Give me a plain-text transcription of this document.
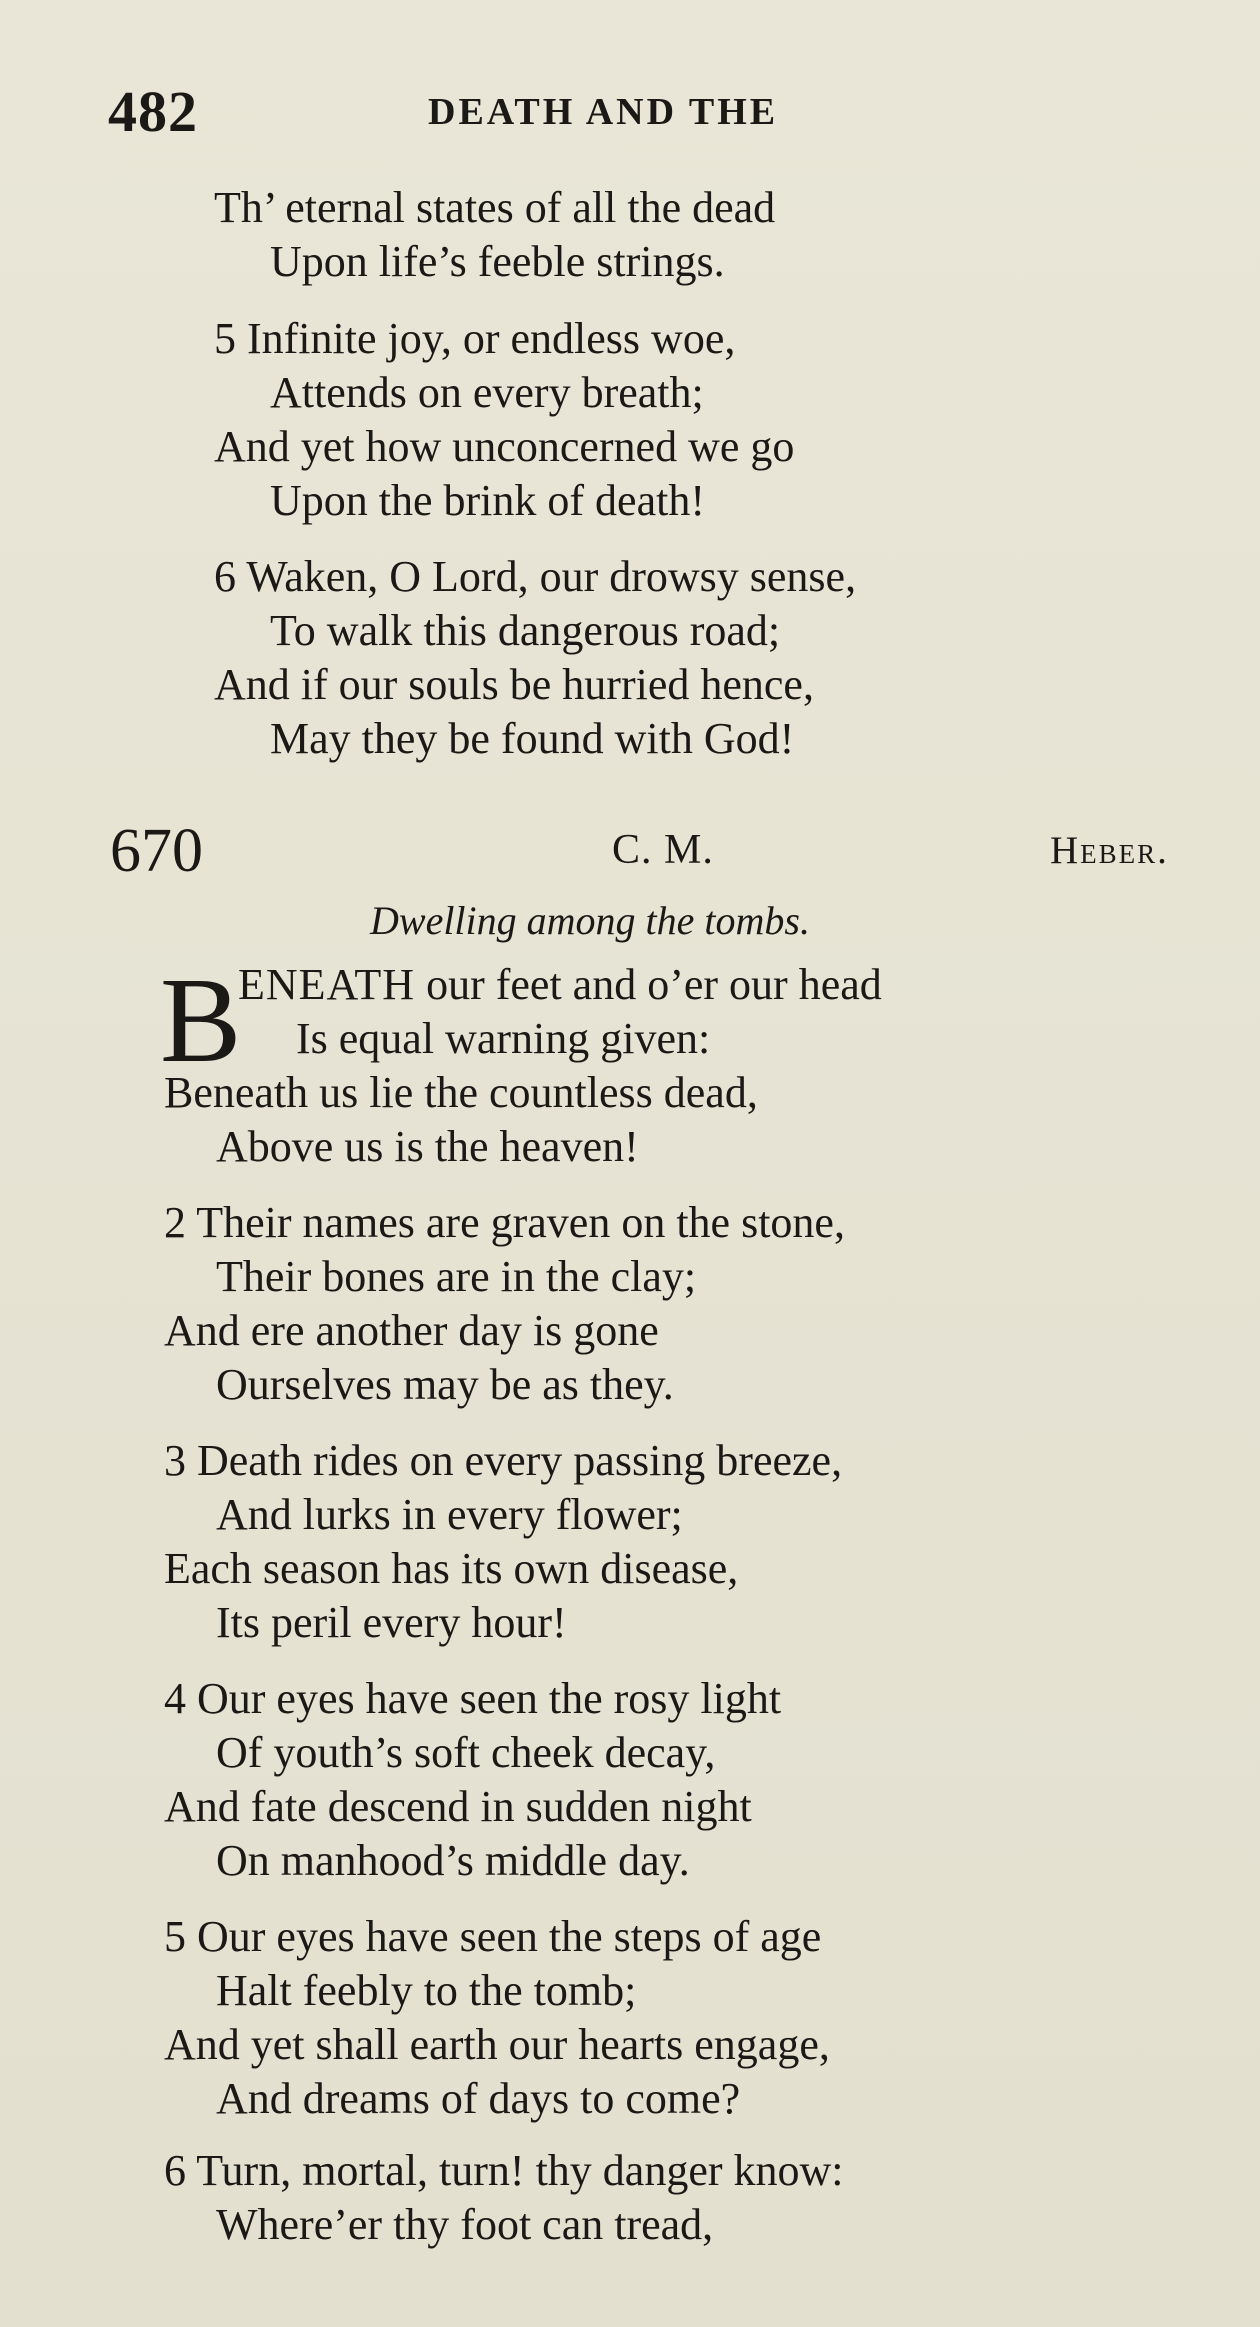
482	DEATH AND THE
Th’ eternal states of all the dead
Upon life’s feeble strings.
5 Infinite joy, or endless woe,
Attends on every breath;
And yet how unconcerned we go
Upon the brink of death!
6 Waken, O Lord, our drowsy sense,
To walk this dangerous road;
And if our souls be hurried hence,
May they be found with God!
670	C. M.	Heber.
Dwelling among the tombs.
B
ENEATH our feet and o’er our head
Is equal warning given:
Beneath us lie the countless dead,
Above us is the heaven!
2 Their names are graven on the stone,
Their bones are in the clay;
And ere another day is gone
Ourselves may be as they.
3 Death rides on every passing breeze,
And lurks in every flower;
Each season has its own disease,
Its peril every hour!
4 Our eyes have seen the rosy light
Of youth’s soft cheek decay,
And fate descend in sudden night
On manhood’s middle day.
5 Our eyes have seen the steps of age
Halt feebly to the tomb;
And yet shall earth our hearts engage,
And dreams of days to come?
6 Turn, mortal, turn! thy danger know:
Where’er thy foot can tread,
